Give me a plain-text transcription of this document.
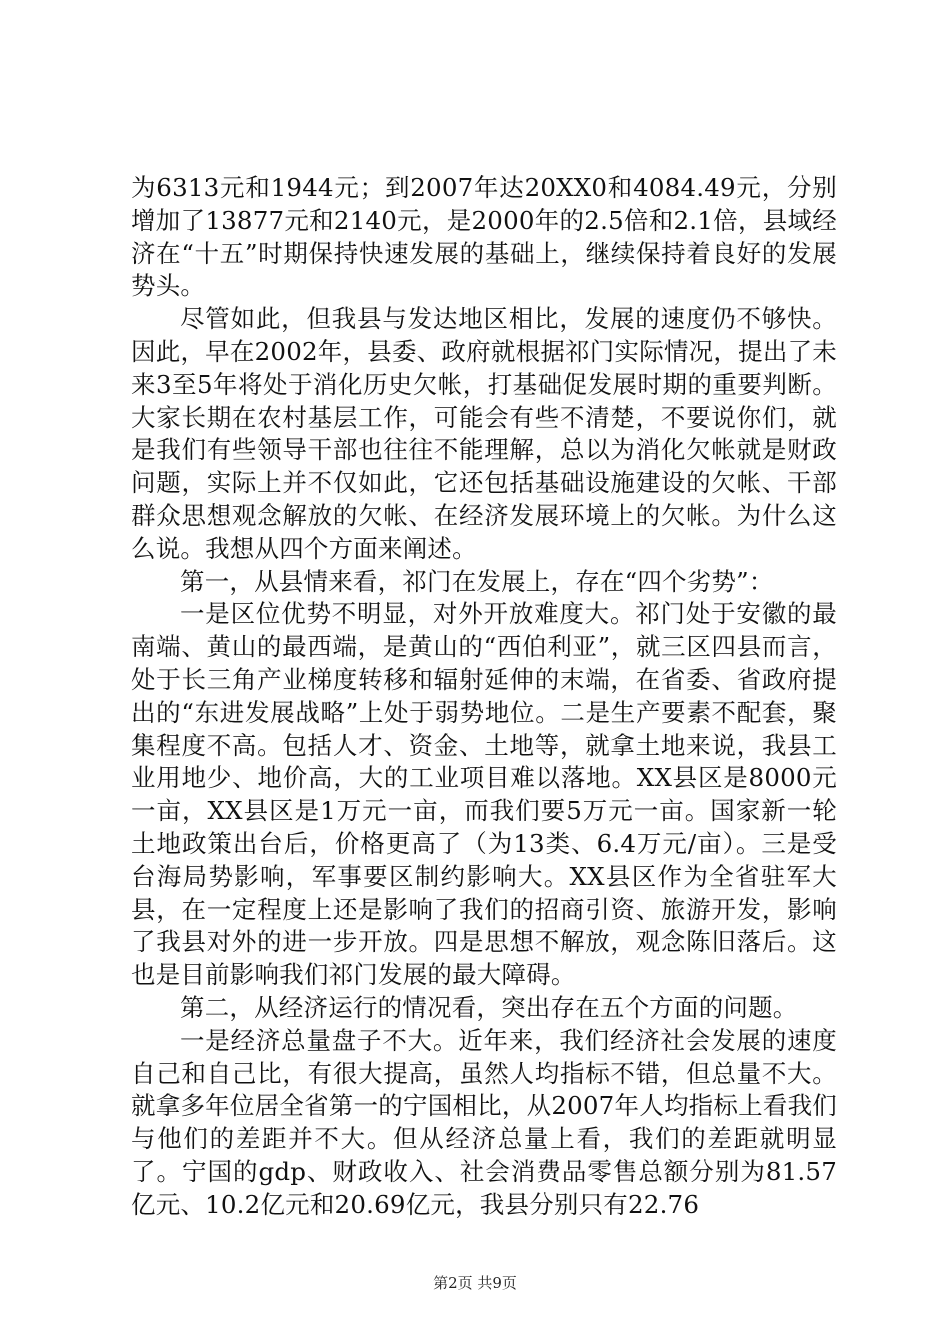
为6313元和1944元；到2007年达20XX0和4084.49元，分别增加了13877元和2140元，是2000年的2.5倍和2.1倍，县域经济在“十五”时期保持快速发展的基础上，继续保持着良好的发展势头。

尽管如此，但我县与发达地区相比，发展的速度仍不够快。因此，早在2002年，县委、政府就根据祁门实际情况，提出了未来3至5年将处于消化历史欠帐，打基础促发展时期的重要判断。大家长期在农村基层工作，可能会有些不清楚，不要说你们，就是我们有些领导干部也往往不能理解，总以为消化欠帐就是财政问题，实际上并不仅如此，它还包括基础设施建设的欠帐、干部群众思想观念解放的欠帐、在经济发展环境上的欠帐。为什么这么说。我想从四个方面来阐述。

第一，从县情来看，祁门在发展上，存在“四个劣势”：

一是区位优势不明显，对外开放难度大。祁门处于安徽的最南端、黄山的最西端，是黄山的“西伯利亚”，就三区四县而言，处于长三角产业梯度转移和辐射延伸的末端，在省委、省政府提出的“东进发展战略”上处于弱势地位。二是生产要素不配套，聚集程度不高。包括人才、资金、土地等，就拿土地来说，我县工业用地少、地价高，大的工业项目难以落地。XX县区是8000元一亩，XX县区是1万元一亩，而我们要5万元一亩。国家新一轮土地政策出台后，价格更高了（为13类、6.4万元/亩）。三是受台海局势影响，军事要区制约影响大。XX县区作为全省驻军大县，在一定程度上还是影响了我们的招商引资、旅游开发，影响了我县对外的进一步开放。四是思想不解放，观念陈旧落后。这也是目前影响我们祁门发展的最大障碍。

第二，从经济运行的情况看，突出存在五个方面的问题。

一是经济总量盘子不大。近年来，我们经济社会发展的速度自己和自己比，有很大提高，虽然人均指标不错，但总量不大。就拿多年位居全省第一的宁国相比，从2007年人均指标上看我们与他们的差距并不大。但从经济总量上看，我们的差距就明显了。宁国的gdp、财政收入、社会消费品零售总额分别为81.57亿元、10.2亿元和20.69亿元，我县分别只有22.76

第2页 共9页
